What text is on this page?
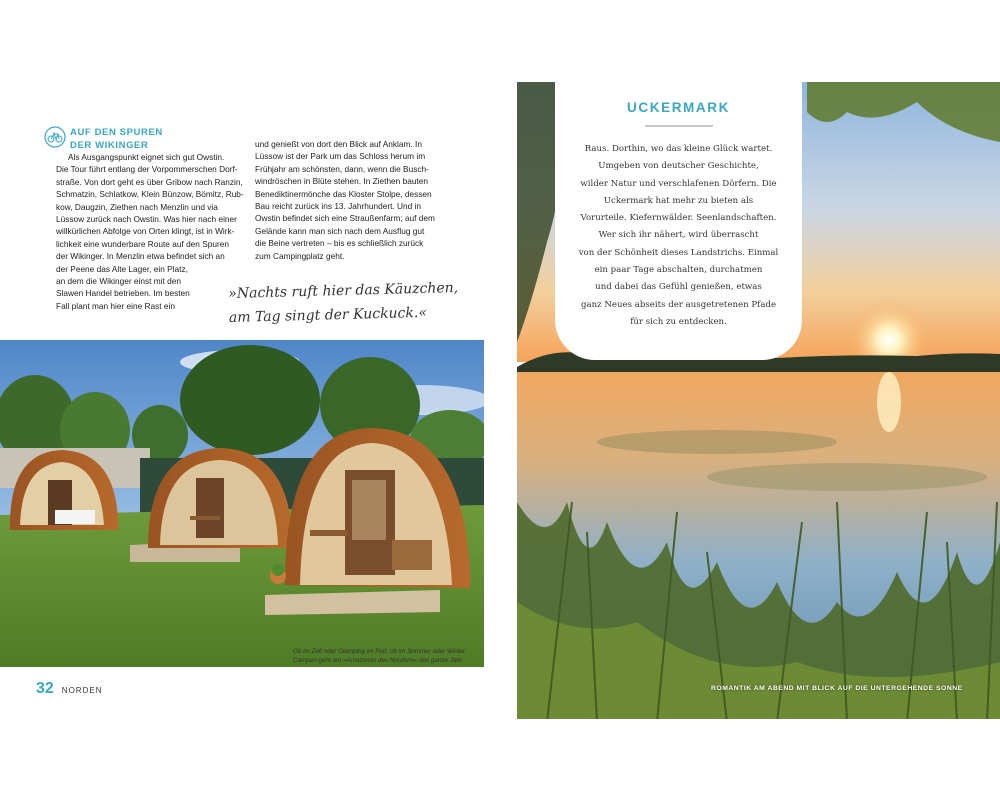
AUF DEN SPUREN
DER WIKINGER

Als Ausgangspunkt eignet sich gut Owstin.

Die Tour führt entlang der Vorpommerschen Dorf-

straße. Von dort geht es über Gribow nach Ranzin,

Schmatzin, Schlatkow, Klein Bünzow, Bömitz, Rub-

kow, Daugzin, Ziethen nach Menzlin und via

Lüssow zurück nach Owstin. Was hier nach einer

willkürlichen Abfolge von Orten klingt, ist in Wirk-

lichkeit eine wunderbare Route auf den Spuren

der Wikinger. In Menzlin etwa befindet sich an

der Peene das Alte Lager, ein Platz,

an dem die Wikinger einst mit den

Slawen Handel betrieben. Im besten

Fall plant man hier eine Rast ein

und genießt von dort den Blick auf Anklam. In

Lüssow ist der Park um das Schloss herum im

Frühjahr am schönsten, dann, wenn die Busch-

windröschen in Blüte stehen. In Ziethen bauten

Benediktinermönche das Kloster Stolpe, dessen

Bau reicht zurück ins 13. Jahrhundert. Und in

Owstin befindet sich eine Straußenfarm; auf dem

Gelände kann man sich nach dem Ausflug gut

die Beine vertreten – bis es schließlich zurück

zum Campingplatz geht.

»Nachts ruft hier das Käuzchen,
am Tag singt der Kuckuck.«
Ob im Zelt oder Glamping im Pod, ob im Sommer oder Winter:
Campen geht am »Amazonas des Nordens« das ganze Jahr.
32 NORDEN
UCKERMARK
Raus. Dorthin, wo das kleine Glück wartet.
Umgeben von deutscher Geschichte,
wilder Natur und verschlafenen Dörfern. Die
Uckermark hat mehr zu bieten als
Vorurteile. Kiefernwälder. Seenlandschaften.
Wer sich ihr nähert, wird überrascht
von der Schönheit dieses Landstrichs. Einmal
ein paar Tage abschalten, durchatmen
und dabei das Gefühl genießen, etwas
ganz Neues abseits der ausgetretenen Pfade
für sich zu entdecken.
ROMANTIK AM ABEND MIT BLICK AUF DIE UNTERGEHENDE SONNE
